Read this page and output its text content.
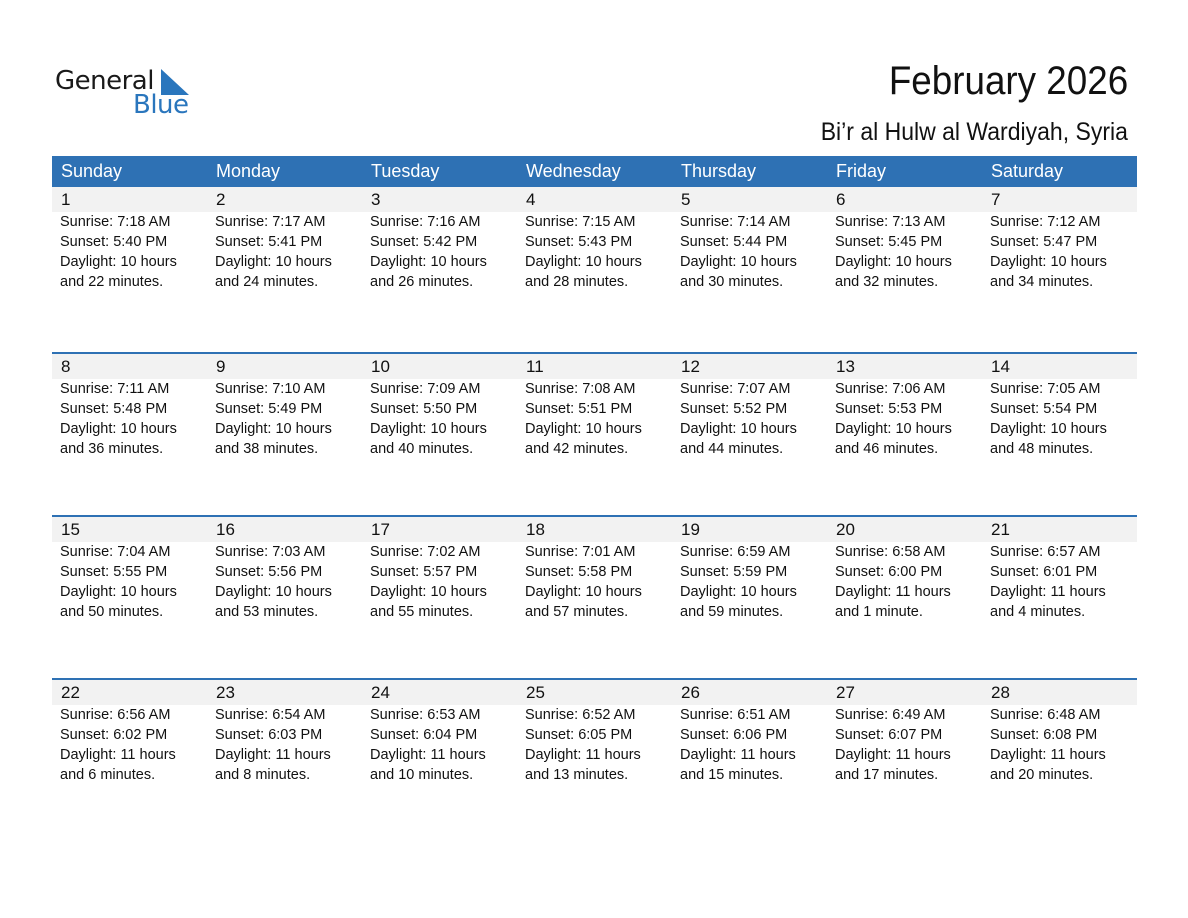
General
Blue
February 2026
Bi’r al Hulw al Wardiyah, Syria
Sunday	Monday	Tuesday	Wednesday	Thursday	Friday	Saturday
1	2	3	4	5	6	7
Sunrise: 7:18 AM
Sunset: 5:40 PM
Daylight: 10 hours
and 22 minutes.
Sunrise: 7:17 AM
Sunset: 5:41 PM
Daylight: 10 hours
and 24 minutes.
Sunrise: 7:16 AM
Sunset: 5:42 PM
Daylight: 10 hours
and 26 minutes.
Sunrise: 7:15 AM
Sunset: 5:43 PM
Daylight: 10 hours
and 28 minutes.
Sunrise: 7:14 AM
Sunset: 5:44 PM
Daylight: 10 hours
and 30 minutes.
Sunrise: 7:13 AM
Sunset: 5:45 PM
Daylight: 10 hours
and 32 minutes.
Sunrise: 7:12 AM
Sunset: 5:47 PM
Daylight: 10 hours
and 34 minutes.
8	9	10	11	12	13	14
Sunrise: 7:11 AM
Sunset: 5:48 PM
Daylight: 10 hours
and 36 minutes.
Sunrise: 7:10 AM
Sunset: 5:49 PM
Daylight: 10 hours
and 38 minutes.
Sunrise: 7:09 AM
Sunset: 5:50 PM
Daylight: 10 hours
and 40 minutes.
Sunrise: 7:08 AM
Sunset: 5:51 PM
Daylight: 10 hours
and 42 minutes.
Sunrise: 7:07 AM
Sunset: 5:52 PM
Daylight: 10 hours
and 44 minutes.
Sunrise: 7:06 AM
Sunset: 5:53 PM
Daylight: 10 hours
and 46 minutes.
Sunrise: 7:05 AM
Sunset: 5:54 PM
Daylight: 10 hours
and 48 minutes.
15	16	17	18	19	20	21
Sunrise: 7:04 AM
Sunset: 5:55 PM
Daylight: 10 hours
and 50 minutes.
Sunrise: 7:03 AM
Sunset: 5:56 PM
Daylight: 10 hours
and 53 minutes.
Sunrise: 7:02 AM
Sunset: 5:57 PM
Daylight: 10 hours
and 55 minutes.
Sunrise: 7:01 AM
Sunset: 5:58 PM
Daylight: 10 hours
and 57 minutes.
Sunrise: 6:59 AM
Sunset: 5:59 PM
Daylight: 10 hours
and 59 minutes.
Sunrise: 6:58 AM
Sunset: 6:00 PM
Daylight: 11 hours
and 1 minute.
Sunrise: 6:57 AM
Sunset: 6:01 PM
Daylight: 11 hours
and 4 minutes.
22	23	24	25	26	27	28
Sunrise: 6:56 AM
Sunset: 6:02 PM
Daylight: 11 hours
and 6 minutes.
Sunrise: 6:54 AM
Sunset: 6:03 PM
Daylight: 11 hours
and 8 minutes.
Sunrise: 6:53 AM
Sunset: 6:04 PM
Daylight: 11 hours
and 10 minutes.
Sunrise: 6:52 AM
Sunset: 6:05 PM
Daylight: 11 hours
and 13 minutes.
Sunrise: 6:51 AM
Sunset: 6:06 PM
Daylight: 11 hours
and 15 minutes.
Sunrise: 6:49 AM
Sunset: 6:07 PM
Daylight: 11 hours
and 17 minutes.
Sunrise: 6:48 AM
Sunset: 6:08 PM
Daylight: 11 hours
and 20 minutes.
